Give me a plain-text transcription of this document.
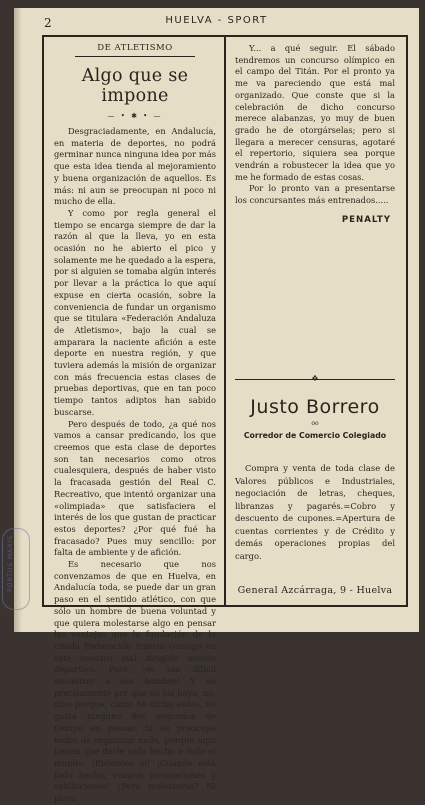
2	HUELVA - SPORT
DE ATLETISMO
Algo que se impone
— • ✱ • —

Desgraciadamente, en Andalucía, en materia de deportes, no podrá germinar nunca ninguna idea por más que esta idea tienda al mejoramiento y buena organización de aquellos. Es más: ni aun se preocupan ni poco ni mucho de ella.

Y como por regla general el tiempo se encarga siempre de dar la razón al que la lleva, yo en esta ocasión no he abierto el pico y solamente me he quedado a la espera, por si alguien se tomaba algún interés por llevar a la práctica lo que aquí expuse en cierta ocasión, sobre la conveniencia de fundar un organismo que se titulara «Federación Andaluza de Atletismo», bajo la cual se amparara la naciente afición a este deporte en nuestra región, y que tuviera además la misión de organizar con más frecuencia estas clases de pruebas deportivas, que en tan poco tiempo tantos adiptos han sabido buscarse.

Pero después de todo, ¿a qué nos vamos a cansar predicando, los que creemos que esta clase de deportes son tan necesarios como otros cualesquiera, después de haber visto la fracasada gestión del Real C. Recreativo, que intentó organizar una «olimpiada» que satisfaciera el interés de los que gustan de practicar estos deportes? ¿Por qué fué ha fracasado? Pues muy sencillo: por falta de ambiente y de afición.

Es necesario que nos convenzamos de que en Huelva, en Andalucía toda, se puede dar un gran paso en el sentido atlético, con que sólo un hombre de buena voluntad y que quiera molestarse algo en pensar las ventajas que la fundación de la citada Federación traería consigo en este nuestro mal dirigido mundo deportivo. Pero, ¡es tan difícil encontrar a ese hombre! Y no precisamente por que no los haya, no; sino porque, como he dicho antes, no gasta ninguno dos segundos de tiempo en pensar, ni se preocupa nadie de organizar nada, porque aquí tienen que darle todo hecho a todo el mundo. ¡Entonces sí! ¡Cuando está todo hecho, vengan presunciones y exhibiciones! ¿Pero molestarse? Ni pizca.

Y... a qué seguir. El sábado tendremos un concurso olímpico en el campo del Titán. Por el pronto ya me va pareciendo que está mal organizado. Que conste que si la celebración de dicho concurso merece alabanzas, yo muy de buen grado he de otorgárselas; pero si llegara a merecer censuras, agotaré el repertorio, siquiera sea porque vendrán a robustecer la idea que yo me he formado de estas cosas.

Por lo pronto van a presentarse los concursantes más entrenados.....

PENALTY
❖
Justo Borrero
oo
Corredor de Comercio Colegiado

Compra y venta de toda clase de Valores públicos e Industriales, negociación de letras, cheques, libranzas y pagarés.=Cobro y descuento de cupones.=Apertura de cuentas corrientes y de Crédito y demás operaciones propias del cargo.

General Azcárraga, 9 - Huelva
PORTUS MARIS
